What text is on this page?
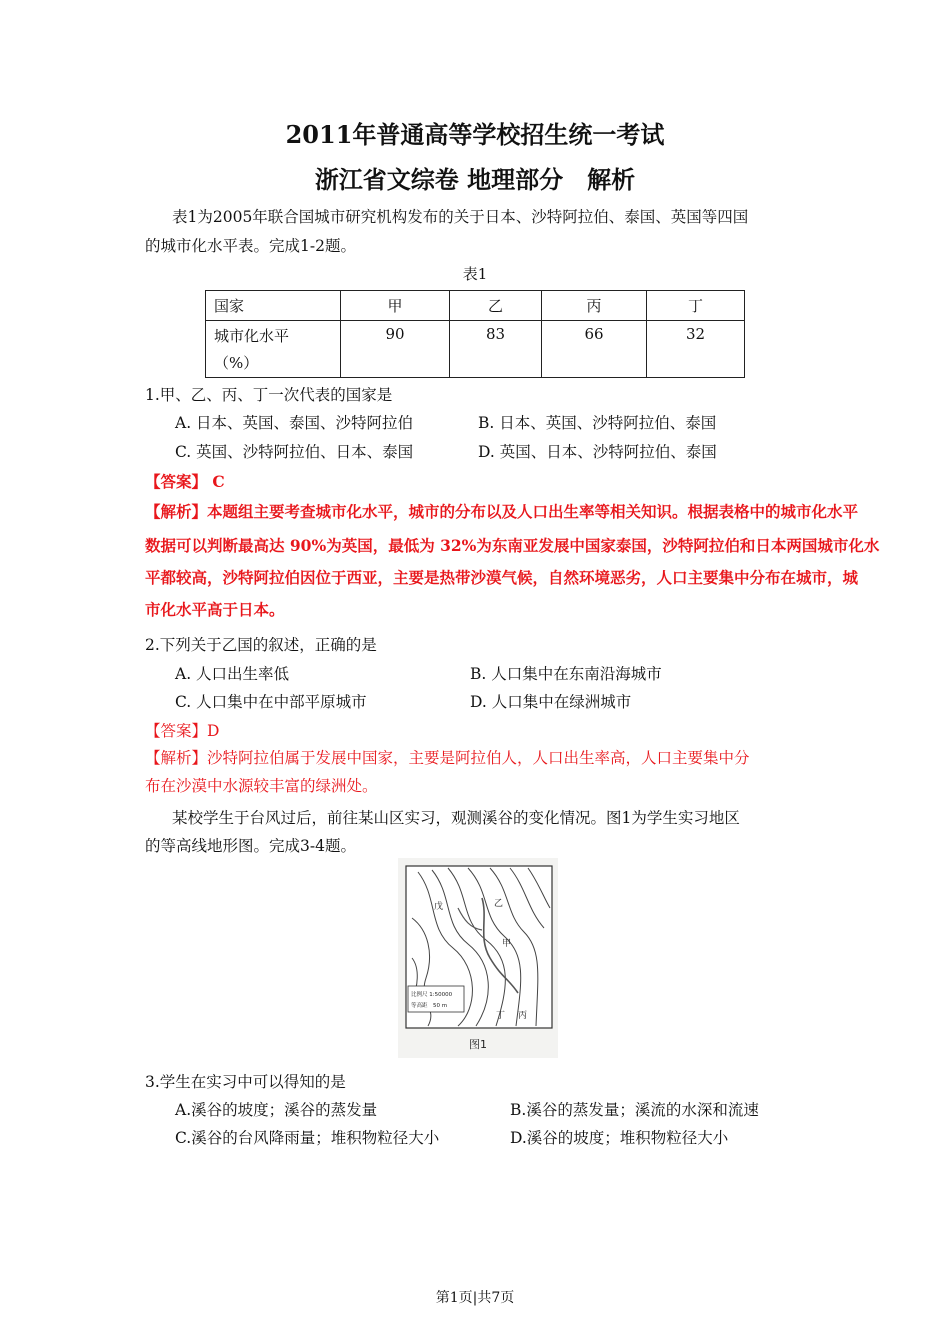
2011年普通高等学校招生统一考试
浙江省文综卷 地理部分　解析
表1为2005年联合国城市研究机构发布的关于日本、沙特阿拉伯、泰国、英国等四国
的城市化水平表。完成1-2题。
表1
国家	甲	乙	丙	丁

城市化水平
（%）	90	83	66	32
1.甲、乙、丙、丁一次代表的国家是
A. 日本、英国、泰国、沙特阿拉伯	B. 日本、英国、沙特阿拉伯、泰国
C. 英国、沙特阿拉伯、日本、泰国	D. 英国、日本、沙特阿拉伯、泰国
【答案】 C
【解析】本题组主要考查城市化水平，城市的分布以及人口出生率等相关知识。根据表格中的城市化水平
数据可以判断最高达 90%为英国，最低为 32%为东南亚发展中国家泰国，沙特阿拉伯和日本两国城市化水
平都较高，沙特阿拉伯因位于西亚，主要是热带沙漠气候，自然环境恶劣，人口主要集中分布在城市，城
市化水平高于日本。
2.下列关于乙国的叙述，正确的是
A. 人口出生率低	B. 人口集中在东南沿海城市
C. 人口集中在中部平原城市	D. 人口集中在绿洲城市
【答案】D
【解析】沙特阿拉伯属于发展中国家，主要是阿拉伯人，人口出生率高，人口主要集中分
布在沙漠中水源较丰富的绿洲处。
某校学生于台风过后，前往某山区实习，观测溪谷的变化情况。图1为学生实习地区
的等高线地形图。完成3-4题。
戊	乙
甲
丁 丙
比例尺 1:50000
等高距　50 m
图1
3.学生在实习中可以得知的是
A.溪谷的坡度；溪谷的蒸发量	B.溪谷的蒸发量；溪流的水深和流速
C.溪谷的台风降雨量；堆积物粒径大小	D.溪谷的坡度；堆积物粒径大小
第1页|共7页
